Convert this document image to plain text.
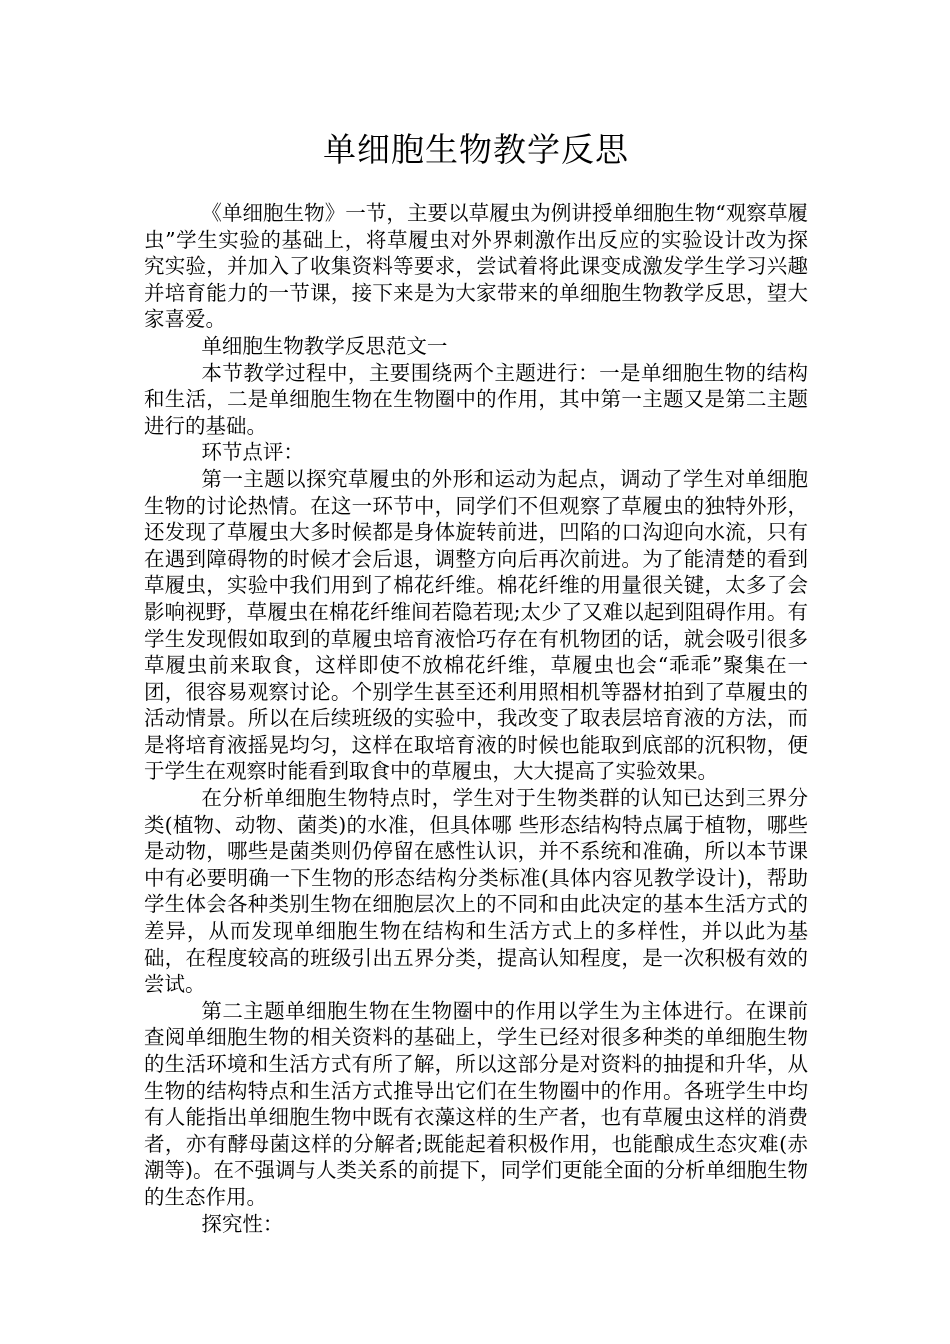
单细胞生物教学反思

《单细胞生物》一节，主要以草履虫为例讲授单细胞生物“观察草履虫”学生实验的基础上，将草履虫对外界刺激作出反应的实验设计改为探究实验，并加入了收集资料等要求，尝试着将此课变成激发学生学习兴趣并培育能力的一节课，接下来是为大家带来的单细胞生物教学反思，望大家喜爱。

单细胞生物教学反思范文一

本节教学过程中，主要围绕两个主题进行：一是单细胞生物的结构和生活，二是单细胞生物在生物圈中的作用，其中第一主题又是第二主题进行的基础。

环节点评：

第一主题以探究草履虫的外形和运动为起点，调动了学生对单细胞生物的讨论热情。在这一环节中，同学们不但观察了草履虫的独特外形，还发现了草履虫大多时候都是身体旋转前进，凹陷的口沟迎向水流，只有在遇到障碍物的时候才会后退，调整方向后再次前进。为了能清楚的看到草履虫，实验中我们用到了棉花纤维。棉花纤维的用量很关键，太多了会影响视野，草履虫在棉花纤维间若隐若现;太少了又难以起到阻碍作用。有学生发现假如取到的草履虫培育液恰巧存在有机物团的话，就会吸引很多草履虫前来取食，这样即使不放棉花纤维，草履虫也会“乖乖”聚集在一团，很容易观察讨论。个别学生甚至还利用照相机等器材拍到了草履虫的活动情景。所以在后续班级的实验中，我改变了取表层培育液的方法，而是将培育液摇晃均匀，这样在取培育液的时候也能取到底部的沉积物，便于学生在观察时能看到取食中的草履虫，大大提高了实验效果。

在分析单细胞生物特点时，学生对于生物类群的认知已达到三界分类(植物、动物、菌类)的水准，但具体哪 些形态结构特点属于植物，哪些是动物，哪些是菌类则仍停留在感性认识，并不系统和准确，所以本节课中有必要明确一下生物的形态结构分类标准(具体内容见教学设计)，帮助学生体会各种类别生物在细胞层次上的不同和由此决定的基本生活方式的差异，从而发现单细胞生物在结构和生活方式上的多样性，并以此为基础，在程度较高的班级引出五界分类，提高认知程度，是一次积极有效的尝试。

第二主题单细胞生物在生物圈中的作用以学生为主体进行。在课前查阅单细胞生物的相关资料的基础上，学生已经对很多种类的单细胞生物的生活环境和生活方式有所了解，所以这部分是对资料的抽提和升华，从生物的结构特点和生活方式推导出它们在生物圈中的作用。各班学生中均有人能指出单细胞生物中既有衣藻这样的生产者，也有草履虫这样的消费者，亦有酵母菌这样的分解者;既能起着积极作用，也能酿成生态灾难(赤潮等)。在不强调与人类关系的前提下，同学们更能全面的分析单细胞生物的生态作用。

探究性：
